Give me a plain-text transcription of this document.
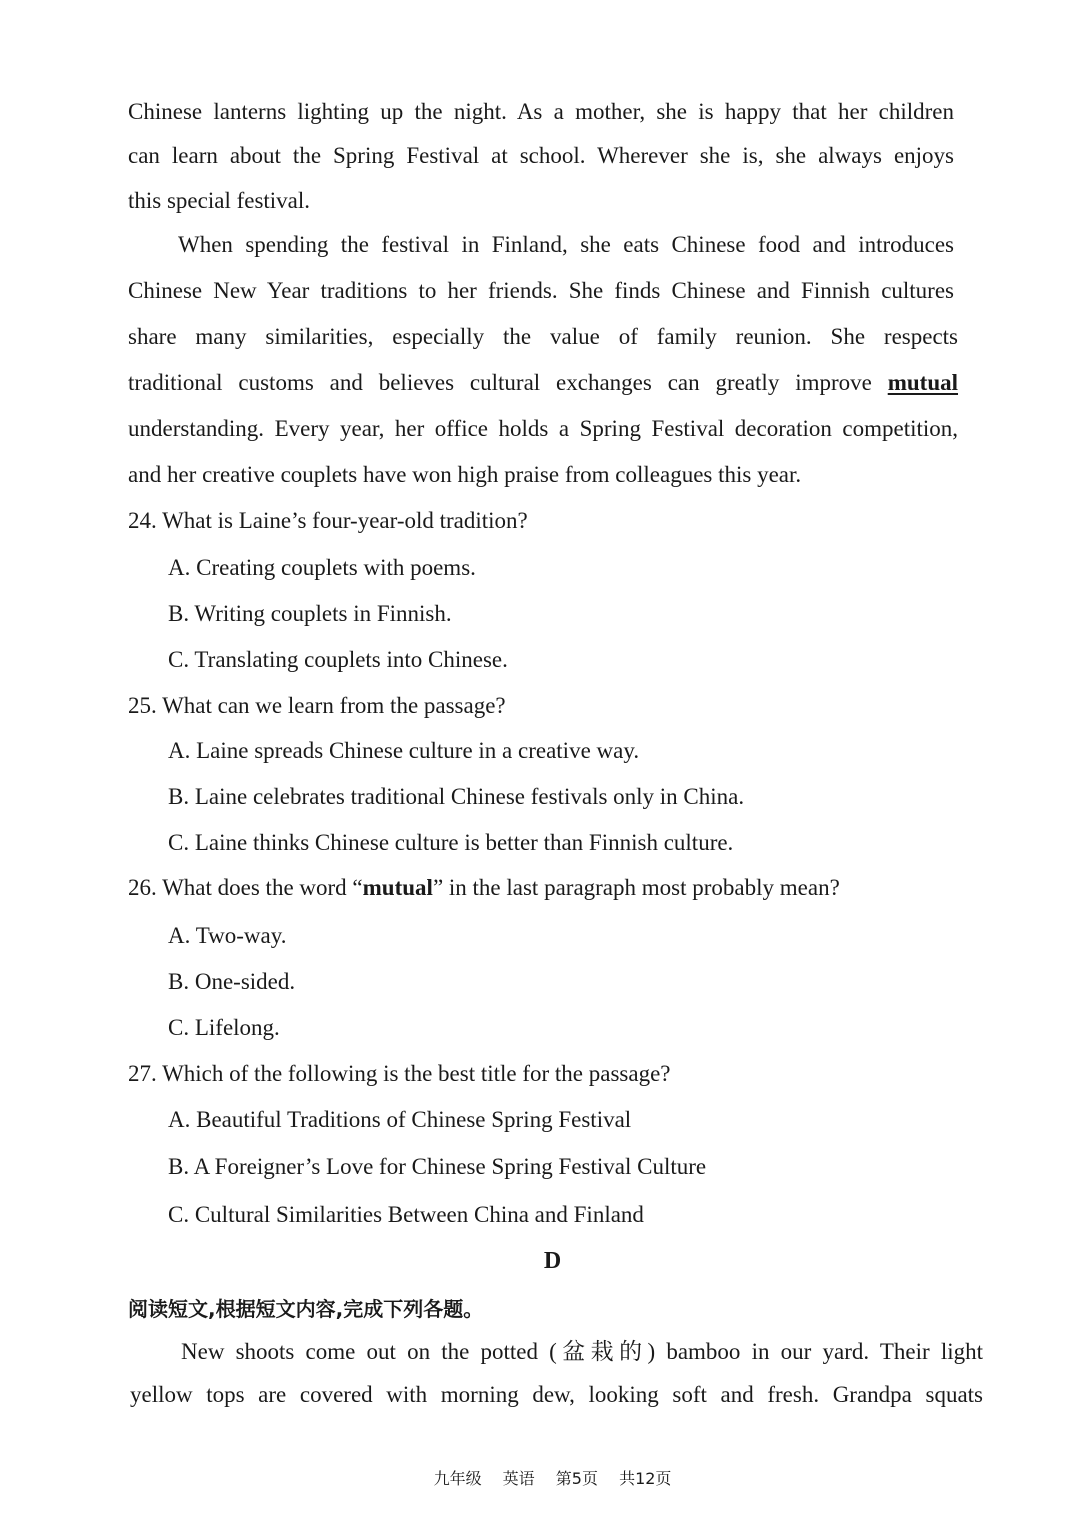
Chinese lanterns lighting up the night. As a mother, she is happy that her children
can learn about the Spring Festival at school. Wherever she is, she always enjoys
this special festival.
When spending the festival in Finland, she eats Chinese food and introduces
Chinese New Year traditions to her friends. She finds Chinese and Finnish cultures
share many similarities, especially the value of family reunion. She respects
traditional customs and believes cultural exchanges can greatly improve mutual
understanding. Every year, her office holds a Spring Festival decoration competition,
and her creative couplets have won high praise from colleagues this year.
24. What is Laine’s four-year-old tradition?
A. Creating couplets with poems.
B. Writing couplets in Finnish.
C. Translating couplets into Chinese.
25. What can we learn from the passage?
A. Laine spreads Chinese culture in a creative way.
B. Laine celebrates traditional Chinese festivals only in China.
C. Laine thinks Chinese culture is better than Finnish culture.
26. What does the word “mutual” in the last paragraph most probably mean?
A. Two-way.
B. One-sided.
C. Lifelong.
27. Which of the following is the best title for the passage?
A. Beautiful Traditions of Chinese Spring Festival
B. A Foreigner’s Love for Chinese Spring Festival Culture
C. Cultural Similarities Between China and Finland
D
阅读短文,根据短文内容,完成下列各题。
New shoots come out on the potted (盆栽的) bamboo in our yard. Their light
yellow tops are covered with morning dew, looking soft and fresh. Grandpa squats
九年级 英语 第5页 共12页
